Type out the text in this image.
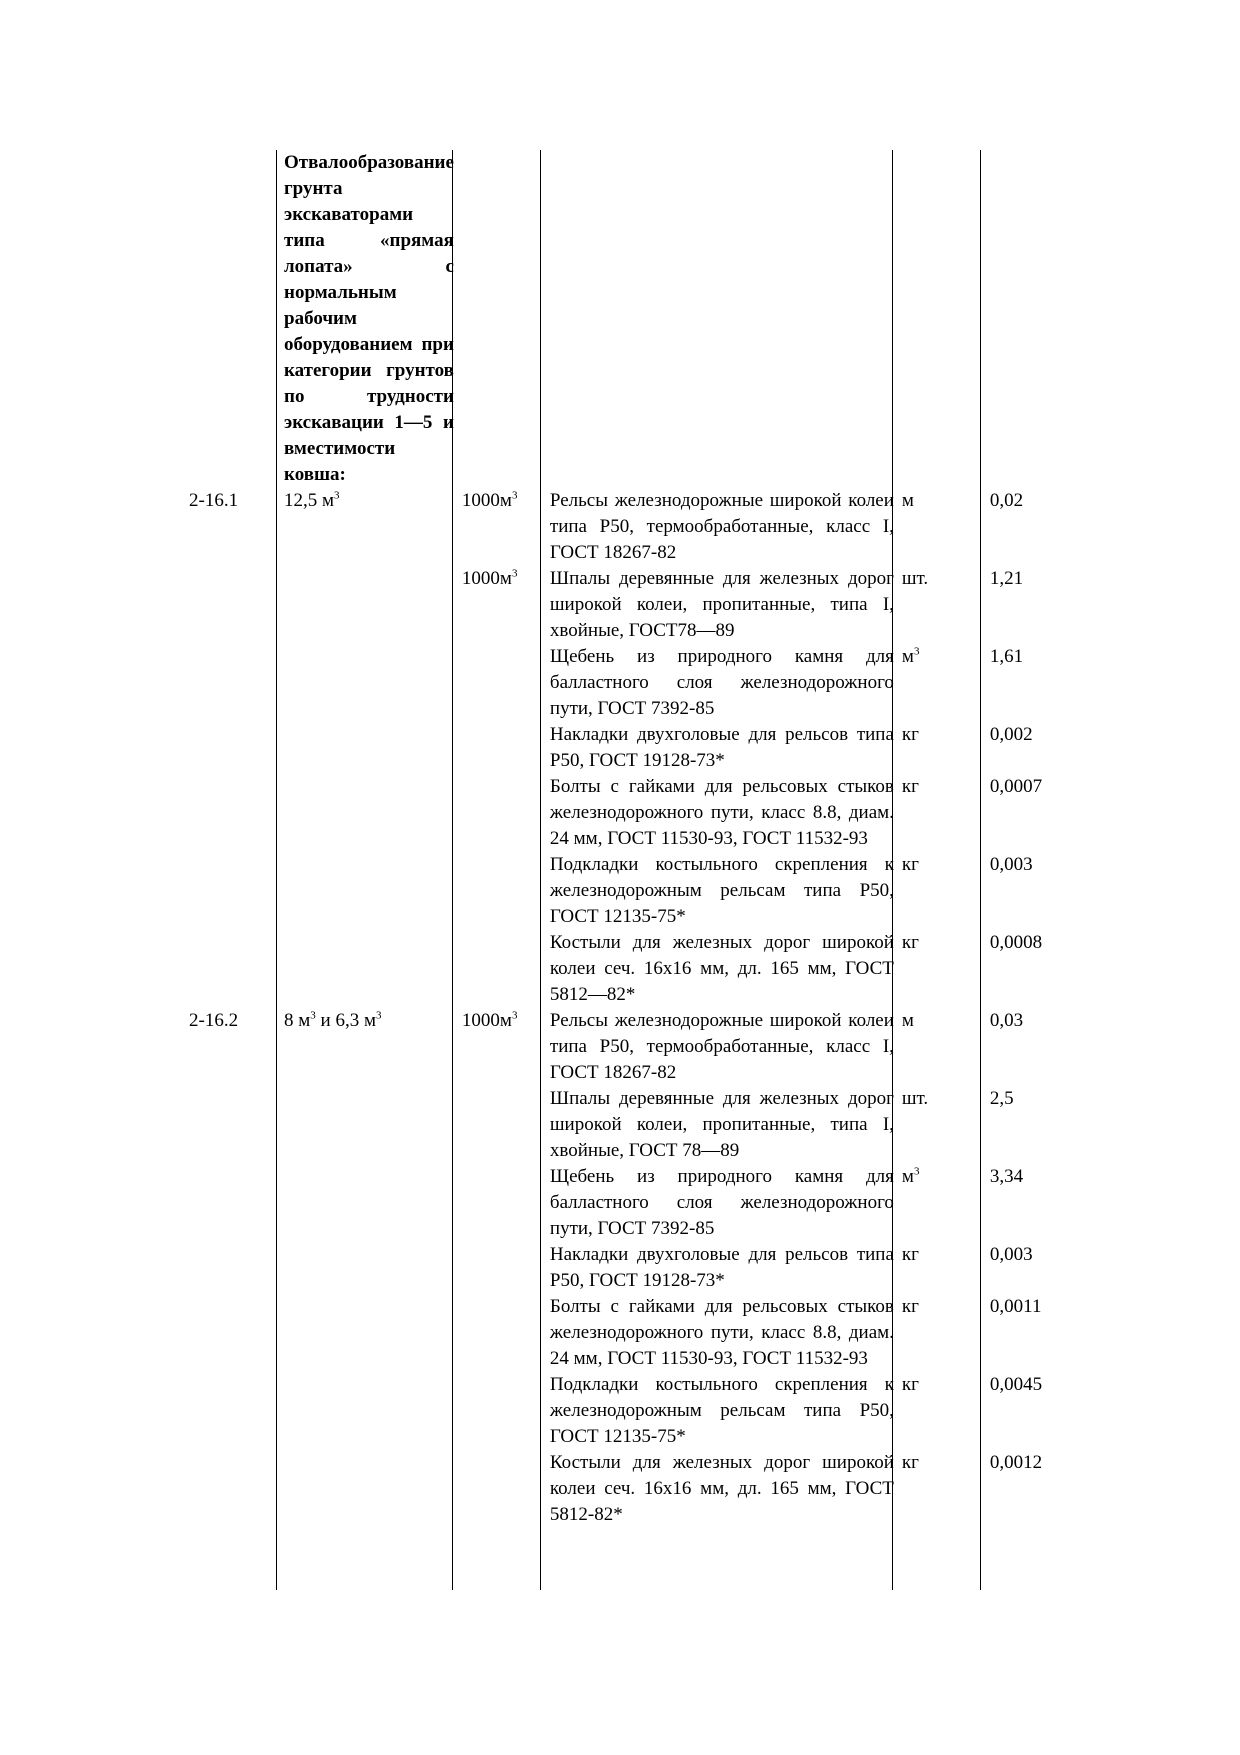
	Отвалообразование грунта экскаваторами типа «прямая лопата» с нормальным рабочим оборудованием при категории грунтов по трудности экскавации 1—5 и вместимости ковша:				
2-16.1	12,5 $м^3$	$1000м^3$	Рельсы железнодорожные широкой колеи типа Р50, термообработанные, класс I, ГОСТ 18267-82	м	0,02
		$1000м^3$	Шпалы деревянные для железных дорог широкой колеи, пропитанные, типа I, хвойные, ГОСТ78—89	шт.	1,21
			Щебень из природного камня для балластного слоя железнодорожного пути, ГОСТ 7392-85	$м^3$	1,61
			Накладки двухголовые для рельсов типа Р50, ГОСТ 19128-73*	кг	0,002
			Болты с гайками для рельсовых стыков железнодорожного пути, класс 8.8, диам. 24 мм, ГОСТ 11530-93, ГОСТ 11532-93	кг	0,0007
			Подкладки костыльного скрепления к железнодорожным рельсам типа Р50, ГОСТ 12135-75*	кг	0,003
			Костыли для железных дорог широкой колеи сеч. 16х16 мм, дл. 165 мм, ГОСТ 5812—82*	кг	0,0008
2-16.2	8 $м^3$ и 6,3 $м^3$	$1000м^3$	Рельсы железнодорожные широкой колеи типа Р50, термообработанные, класс I, ГОСТ 18267-82	м	0,03
			Шпалы деревянные для железных дорог широкой колеи, пропитанные, типа I, хвойные, ГОСТ 78—89	шт.	2,5
			Щебень из природного камня для балластного слоя железнодорожного пути, ГОСТ 7392-85	$м^3$	3,34
			Накладки двухголовые для рельсов типа Р50, ГОСТ 19128-73*	кг	0,003
			Болты с гайками для рельсовых стыков железнодорожного пути, класс 8.8, диам. 24 мм, ГОСТ 11530-93, ГОСТ 11532-93	кг	0,0011
			Подкладки костыльного скрепления к железнодорожным рельсам типа Р50, ГОСТ 12135-75*	кг	0,0045
			Костыли для железных дорог широкой колеи сеч. 16х16 мм, дл. 165 мм, ГОСТ 5812-82*	кг	0,0012
